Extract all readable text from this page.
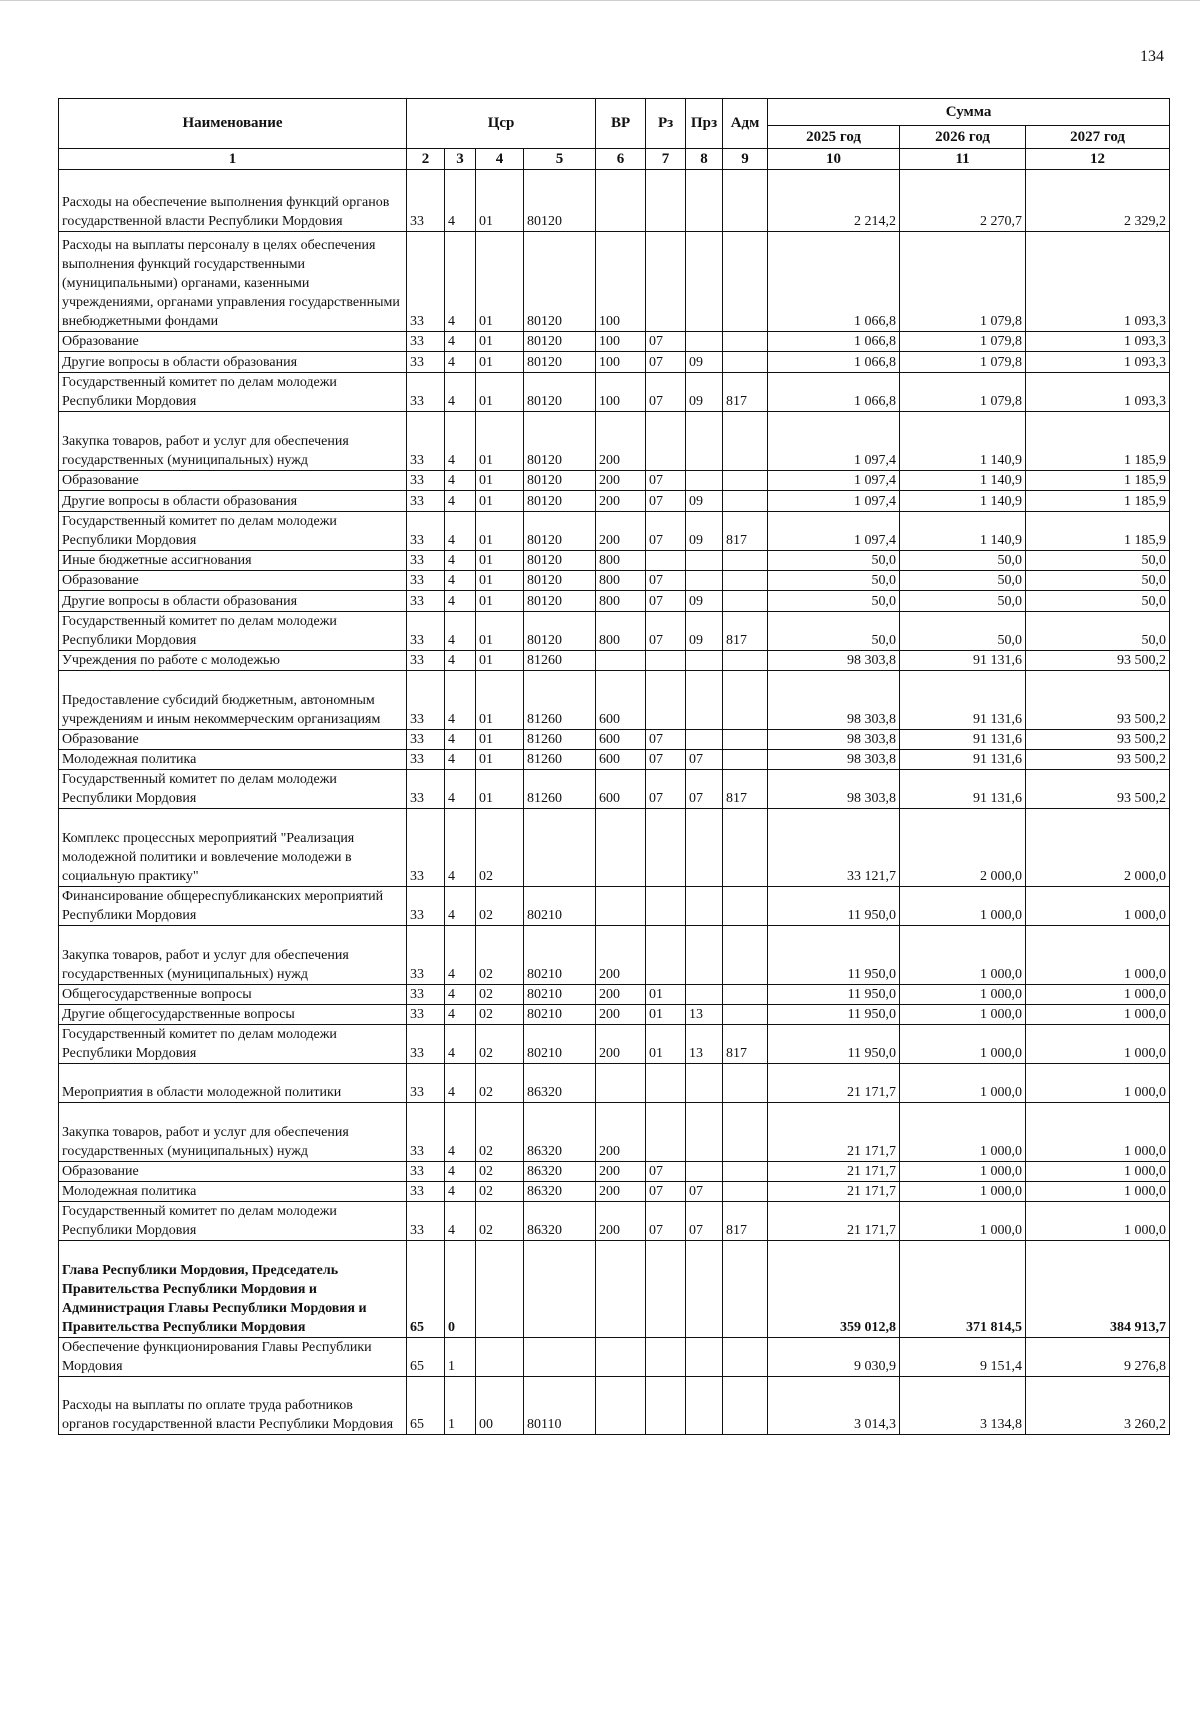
134
Наименование	Цср				ВР	Рз	Прз	Адм	Сумма		
									2025 год	2026 год	2027 год
1	2	3	4	5	6	7	8	9	10	11	12
Расходы на обеспечение выполнения функций органов государственной власти Республики Мордовия	33	4	01	80120					2 214,2	2 270,7	2 329,2
Расходы на выплаты персоналу в целях обеспечения выполнения функций государственными (муниципальными) органами, казенными учреждениями, органами управления государственными внебюджетными фондами	33	4	01	80120	100				1 066,8	1 079,8	1 093,3
Образование	33	4	01	80120	100	07			1 066,8	1 079,8	1 093,3
Другие вопросы в области образования	33	4	01	80120	100	07	09		1 066,8	1 079,8	1 093,3
Государственный комитет по делам молодежи Республики Мордовия	33	4	01	80120	100	07	09	817	1 066,8	1 079,8	1 093,3
Закупка товаров, работ и услуг для обеспечения государственных (муниципальных) нужд	33	4	01	80120	200				1 097,4	1 140,9	1 185,9
Образование	33	4	01	80120	200	07			1 097,4	1 140,9	1 185,9
Другие вопросы в области образования	33	4	01	80120	200	07	09		1 097,4	1 140,9	1 185,9
Государственный комитет по делам молодежи Республики Мордовия	33	4	01	80120	200	07	09	817	1 097,4	1 140,9	1 185,9
Иные бюджетные ассигнования	33	4	01	80120	800				50,0	50,0	50,0
Образование	33	4	01	80120	800	07			50,0	50,0	50,0
Другие вопросы в области образования	33	4	01	80120	800	07	09		50,0	50,0	50,0
Государственный комитет по делам молодежи Республики Мордовия	33	4	01	80120	800	07	09	817	50,0	50,0	50,0
Учреждения по работе с молодежью	33	4	01	81260					98 303,8	91 131,6	93 500,2
Предоставление субсидий бюджетным, автономным учреждениям и иным некоммерческим организациям	33	4	01	81260	600				98 303,8	91 131,6	93 500,2
Образование	33	4	01	81260	600	07			98 303,8	91 131,6	93 500,2
Молодежная политика	33	4	01	81260	600	07	07		98 303,8	91 131,6	93 500,2
Государственный комитет по делам молодежи Республики Мордовия	33	4	01	81260	600	07	07	817	98 303,8	91 131,6	93 500,2
Комплекс процессных мероприятий "Реализация молодежной политики и вовлечение молодежи в социальную практику"	33	4	02						33 121,7	2 000,0	2 000,0
Финансирование общереспубликанских мероприятий Республики Мордовия	33	4	02	80210					11 950,0	1 000,0	1 000,0
Закупка товаров, работ и услуг для обеспечения государственных (муниципальных) нужд	33	4	02	80210	200				11 950,0	1 000,0	1 000,0
Общегосударственные вопросы	33	4	02	80210	200	01			11 950,0	1 000,0	1 000,0
Другие общегосударственные вопросы	33	4	02	80210	200	01	13		11 950,0	1 000,0	1 000,0
Государственный комитет по делам молодежи Республики Мордовия	33	4	02	80210	200	01	13	817	11 950,0	1 000,0	1 000,0
Мероприятия в области молодежной политики	33	4	02	86320					21 171,7	1 000,0	1 000,0
Закупка товаров, работ и услуг для обеспечения государственных (муниципальных) нужд	33	4	02	86320	200				21 171,7	1 000,0	1 000,0
Образование	33	4	02	86320	200	07			21 171,7	1 000,0	1 000,0
Молодежная политика	33	4	02	86320	200	07	07		21 171,7	1 000,0	1 000,0
Государственный комитет по делам молодежи Республики Мордовия	33	4	02	86320	200	07	07	817	21 171,7	1 000,0	1 000,0
Глава Республики Мордовия, Председатель Правительства Республики Мордовия и Администрация Главы Республики Мордовия и Правительства Республики Мордовия	65	0							359 012,8	371 814,5	384 913,7
Обеспечение функционирования Главы Республики Мордовия	65	1							9 030,9	9 151,4	9 276,8
Расходы на выплаты по оплате труда работников органов государственной власти Республики Мордовия	65	1	00	80110					3 014,3	3 134,8	3 260,2
